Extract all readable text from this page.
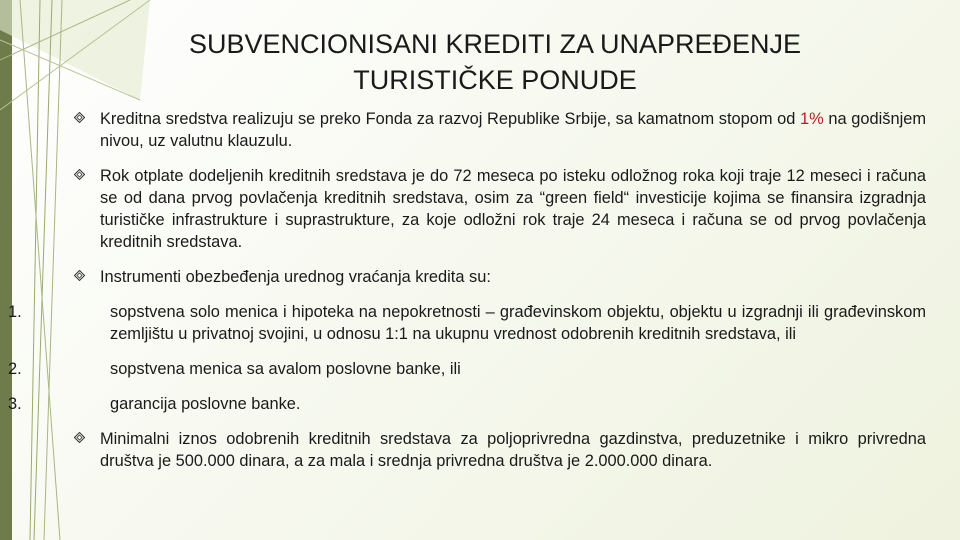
SUBVENCIONISANI KREDITI ZA UNAPREĐENJE
TURISTIČKE PONUDE
Kreditna sredstva realizuju se preko Fonda za razvoj Republike Srbije, sa kamatnom stopom od 1% na godišnjem nivou, uz valutnu klauzulu.
Rok otplate dodeljenih kreditnih sredstava je do 72 meseca po isteku odložnog roka koji traje 12 meseci i računa se od dana prvog povlačenja kreditnih sredstava, osim za “green field“ investicije kojima se finansira izgradnja turističke infrastrukture i suprastrukture, za koje odložni rok traje 24 meseca i računa se od prvog povlačenja kreditnih sredstava.
Instrumenti obezbeđenja urednog vraćanja kredita su:
1.	sopstvena solo menica i hipoteka na nepokretnosti – građevinskom objektu, objektu u izgradnji ili građevinskom zemljištu u privatnoj svojini, u odnosu 1:1 na ukupnu vrednost odobrenih kreditnih sredstava, ili
2.	sopstvena menica sa avalom poslovne banke, ili
3.	garancija poslovne banke.
Minimalni iznos odobrenih kreditnih sredstava za poljoprivredna gazdinstva, preduzetnike i mikro privredna društva je 500.000 dinara, a za mala i srednja privredna društva je 2.000.000 dinara.
